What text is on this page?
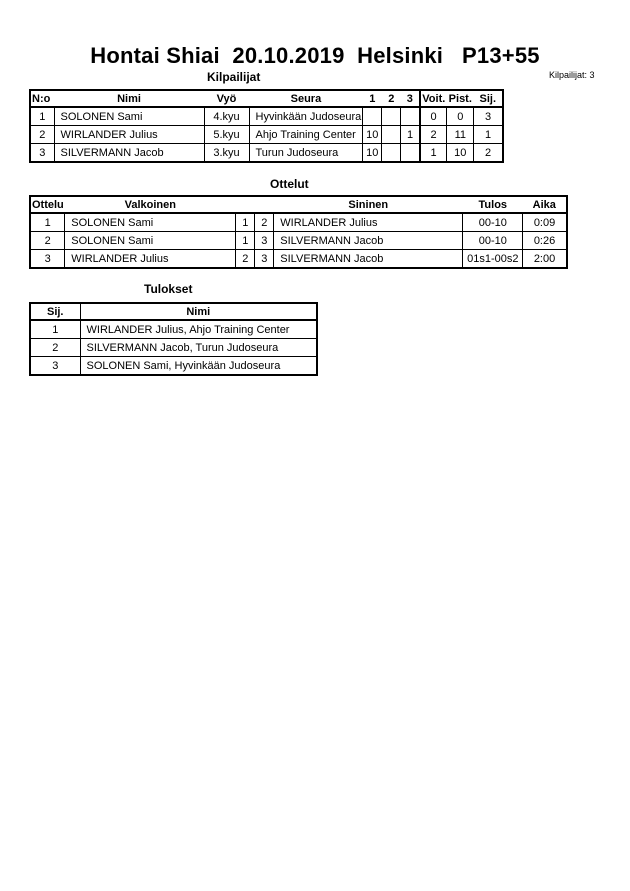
Hontai Shiai  20.10.2019  Helsinki   P13+55
Kilpailijat	Kilpailijat: 3
N:o	Nimi	Vyö	Seura	1	2	3	Voit.	Pist.	Sij.
1	SOLONEN Sami	4.kyu	Hyvinkään Judoseura				0	0	3
2	WIRLANDER Julius	5.kyu	Ahjo Training Center	10		1	2	11	1
3	SILVERMANN Jacob	3.kyu	Turun Judoseura	10			1	10	2
Ottelut
Ottelu	Valkoinen			Sininen	Tulos	Aika
1	SOLONEN Sami	1	2	WIRLANDER Julius	00-10	0:09
2	SOLONEN Sami	1	3	SILVERMANN Jacob	00-10	0:26
3	WIRLANDER Julius	2	3	SILVERMANN Jacob	01s1-00s2	2:00
Tulokset
Sij.	Nimi
1	WIRLANDER Julius, Ahjo Training Center
2	SILVERMANN Jacob, Turun Judoseura
3	SOLONEN Sami, Hyvinkään Judoseura
